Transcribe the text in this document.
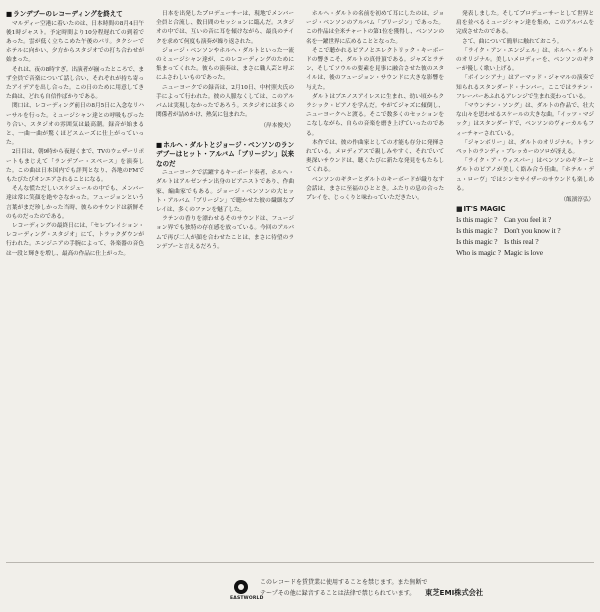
■ ランデブーのレコーディングを終えて

マルディー空港に着いたのは、日本時間の8月4日午後1時ジャスト。予定時間より10分程遅れての到着であった。雲が低く立ちこめた午後のパリ。タクシーでホテルに向かい、夕方からスタジオでの打ち合わせが始まった。

それは、夜の8時すぎ。出演者が揃ったところで、まず全員で音楽について話し合い、それぞれが持ち寄ったアイデアを出し合った。この日のために用意してきた曲は、どれも自信作ばかりである。

関口は、レコーディング前日の8月5日に入念なリハーサルを行った。ミュージシャン達との呼吸もぴったり合い、スタジオの雰囲気は最高潮。録音が始まると、一曲一曲が驚くほどスムーズに仕上がっていった。

2日目は、朝9時から夜遅くまで、TVのウェザーリポートもまじえて「ランデブー・スペース」を演奏した。この曲は日本国内でも評判となり、各地のFMでもたびたびオンエアされることになる。

そんな慌ただしいスケジュールの中でも、メンバー達は常に笑顔を絶やさなかった。フュージョンという言葉がまだ珍しかった当時、彼らのサウンドは新鮮そのものだったのである。

レコーディングの最終日には、「セレブレイション・レコーディング・スタジオ」にて、トラックダウンが行われた。エンジニアの手腕によって、各楽器の音色は一段と輝きを増し、最高の作品に仕上がった。

日本を出発したプロデューサーは、現地でメンバー全員と合流し、数日間のセッションに臨んだ。スタジオの中では、互いの音に耳を傾けながら、最良のテイクを求めて何度も演奏が繰り返された。

ジョージ・ベンソンやホルヘ・ダルトといった一流のミュージシャン達が、このレコーディングのために集まってくれた。彼らの演奏は、まさに職人芸と呼ぶにふさわしいものであった。

ニューヨークでの録音は、2月10日、中村照夫氏の手によって行われた。彼の人脈なくしては、このアルバムは実現しなかったであろう。スタジオには多くの関係者が詰めかけ、熱気に包まれた。

（岸本俊夫）

■ ホルヘ・ダルトとジョージ・ベンソンのランデブーはヒット・アルバム「ブリージン」以来なのだ

ニューヨークで活躍するキーボード奏者、ホルヘ・ダルトはアルゼンチン出身のピアニストであり、作曲家、編曲家でもある。ジョージ・ベンソンの大ヒット・アルバム「ブリージン」で聴かせた彼の繊細なプレイは、多くのファンを魅了した。

ラテンの香りを漂わせるそのサウンドは、フュージョン界でも独特の存在感を放っている。今回のアルバムで再び二人が顔を合わせたことは、まさに待望のランデブーと言えるだろう。

ホルヘ・ダルトの名前を初めて耳にしたのは、ジョージ・ベンソンのアルバム「ブリージン」であった。この作品は全米チャートの第1位を獲得し、ベンソンの名を一躍世界に広めることとなった。

そこで聴かれるピアノとエレクトリック・キーボードの響きこそ、ダルトの真骨頂である。ジャズとラテン、そしてソウルの要素を見事に融合させた彼のスタイルは、後のフュージョン・サウンドに大きな影響を与えた。

ダルトはブエノスアイレスに生まれ、幼い頃からクラシック・ピアノを学んだ。やがてジャズに傾倒し、ニューヨークへと渡る。そこで数多くのセッションをこなしながら、自らの音楽を磨き上げていったのである。

本作では、彼の作曲家としての才能も存分に発揮されている。メロディアスで親しみやすく、それでいて奥深いサウンドは、聴くたびに新たな発見をもたらしてくれる。

ベンソンのギターとダルトのキーボードが織りなす会話は、まさに至福のひととき。ふたりの息の合ったプレイを、じっくりと味わっていただきたい。

発表しました。そしてプロデューサーとして世界と肩を並べるミュージシャン達を集め、このアルバムを完成させたのである。

さて、曲について簡単に触れておこう。

「ライク・アン・エンジェル」は、ホルヘ・ダルトのオリジナル。美しいメロディーを、ベンソンのギターが優しく歌い上げる。

「ボインシアナ」はアーマッド・ジャマルの演奏で知られるスタンダード・ナンバー。ここではラテン・フレーバーあふれるアレンジで生まれ変わっている。

「マウンテン・ソング」は、ダルトの作品で、壮大な山々を思わせるスケールの大きな曲。「イッツ・マジック」はスタンダードで、ベンソンのヴォーカルもフィーチャーされている。

「ジャンボリー」は、ダルトのオリジナル。トランペットのランディ・ブレッカーのソロが冴える。

「ライク・ア・ウィスパー」はベンソンのギターとダルトのピアノが美しく絡み合う佳曲。「ホテル・デュ・ローヴ」ではシンセサイザーのサウンドも楽しめる。

（飯濱淳弘）

■ IT'S MAGIC

Is this magic ? Can you feel it ?

Is this magic ? Don't you know it ?

Is this magic ? Is this real ?

Who is magic ? Magic is love

EASTWORLD
このレコードを賃貸業に使用することを禁じます。また無断で
テープその他に録音することは法律で禁じられています。 東芝EMI株式会社
